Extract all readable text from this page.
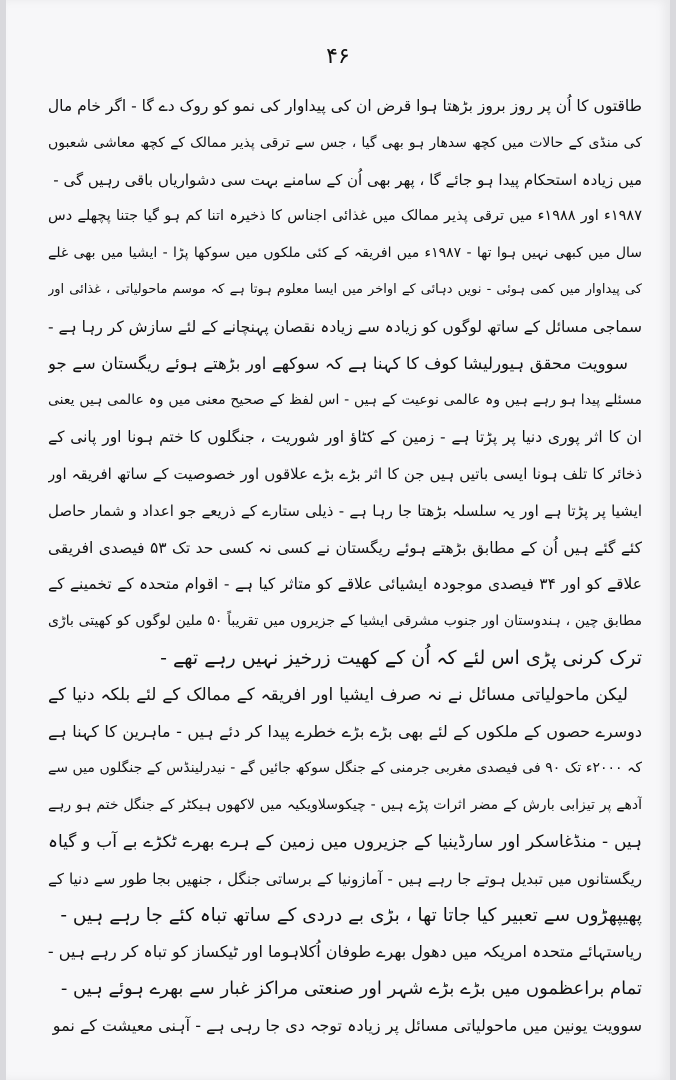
۴۶
طاقتوں کا اُن پر روز بروز بڑھتا ہوا قرض ان کی پیداوار کی نمو کو روک دے گا - اگر خام مال
کی منڈی کے حالات میں کچھ سدھار ہو بھی گیا ، جس سے ترقی پذیر ممالک کے کچھ معاشی شعبوں
میں زیادہ استحکام پیدا ہو جائے گا ، پھر بھی اُن کے سامنے بہت سی دشواریاں باقی رہیں گی -
۱۹۸۷ء اور ۱۹۸۸ء میں ترقی پذیر ممالک میں غذائی اجناس کا ذخیرہ اتنا کم ہو گیا جتنا پچھلے دس
سال میں کبھی نہیں ہوا تھا - ۱۹۸۷ء میں افریقہ کے کئی ملکوں میں سوکھا پڑا - ایشیا میں بھی غلے
کی پیداوار میں کمی ہوئی - نویں دہائی کے اواخر میں ایسا معلوم ہوتا ہے کہ موسم ماحولیاتی ، غذائی اور
سماجی مسائل کے ساتھ لوگوں کو زیادہ سے زیادہ نقصان پہنچانے کے لئے سازش کر رہا ہے -
سوویت محقق ہیورلیشا کوف کا کہنا ہے کہ سوکھے اور بڑھتے ہوئے ریگستان سے جو
مسئلے پیدا ہو رہے ہیں وہ عالمی نوعیت کے ہیں - اس لفظ کے صحیح معنی میں وہ عالمی ہیں یعنی
ان کا اثر پوری دنیا پر پڑتا ہے - زمین کے کٹاؤ اور شوریت ، جنگلوں کا ختم ہونا اور پانی کے
ذخائر کا تلف ہونا ایسی باتیں ہیں جن کا اثر بڑے بڑے علاقوں اور خصوصیت کے ساتھ افریقہ اور
ایشیا پر پڑتا ہے اور یہ سلسلہ بڑھتا جا رہا ہے - ذیلی ستارے کے ذریعے جو اعداد و شمار حاصل
کئے گئے ہیں اُن کے مطابق بڑھتے ہوئے ریگستان نے کسی نہ کسی حد تک ۵۳ فیصدی افریقی
علاقے کو اور ۳۴ فیصدی موجودہ ایشیائی علاقے کو متاثر کیا ہے - اقوام متحدہ کے تخمینے کے
مطابق چین ، ہندوستان اور جنوب مشرقی ایشیا کے جزیروں میں تقریباً ۵۰ ملین لوگوں کو کھیتی باڑی
ترک کرنی پڑی اس لئے کہ اُن کے کھیت زرخیز نہیں رہے تھے -
لیکن ماحولیاتی مسائل نے نہ صرف ایشیا اور افریقہ کے ممالک کے لئے بلکہ دنیا کے
دوسرے حصوں کے ملکوں کے لئے بھی بڑے بڑے خطرے پیدا کر دئے ہیں - ماہرین کا کہنا ہے
کہ ۲۰۰۰ء تک ۹۰ فی فیصدی مغربی جرمنی کے جنگل سوکھ جائیں گے - نیدرلینڈس کے جنگلوں میں سے
آدھے پر تیزابی بارش کے مضر اثرات پڑے ہیں - چیکوسلاویکیہ میں لاکھوں ہیکٹر کے جنگل ختم ہو رہے
ہیں - منڈغاسکر اور سارڈینیا کے جزیروں میں زمین کے ہرے بھرے ٹکڑے بے آب و گیاہ
ریگستانوں میں تبدیل ہوتے جا رہے ہیں - آمازونیا کے برساتی جنگل ، جنھیں بجا طور سے دنیا کے
پھیپھڑوں سے تعبیر کیا جاتا تھا ، بڑی بے دردی کے ساتھ تباہ کئے جا رہے ہیں -
ریاستہائے متحدہ امریکہ میں دھول بھرے طوفان اُکلاہوما اور ٹیکساز کو تباہ کر رہے ہیں -
تمام براعظموں میں بڑے بڑے شہر اور صنعتی مراکز غبار سے بھرے ہوئے ہیں -
سوویت یونین میں ماحولیاتی مسائل پر زیادہ توجہ دی جا رہی ہے - آہنی معیشت کے نمو
